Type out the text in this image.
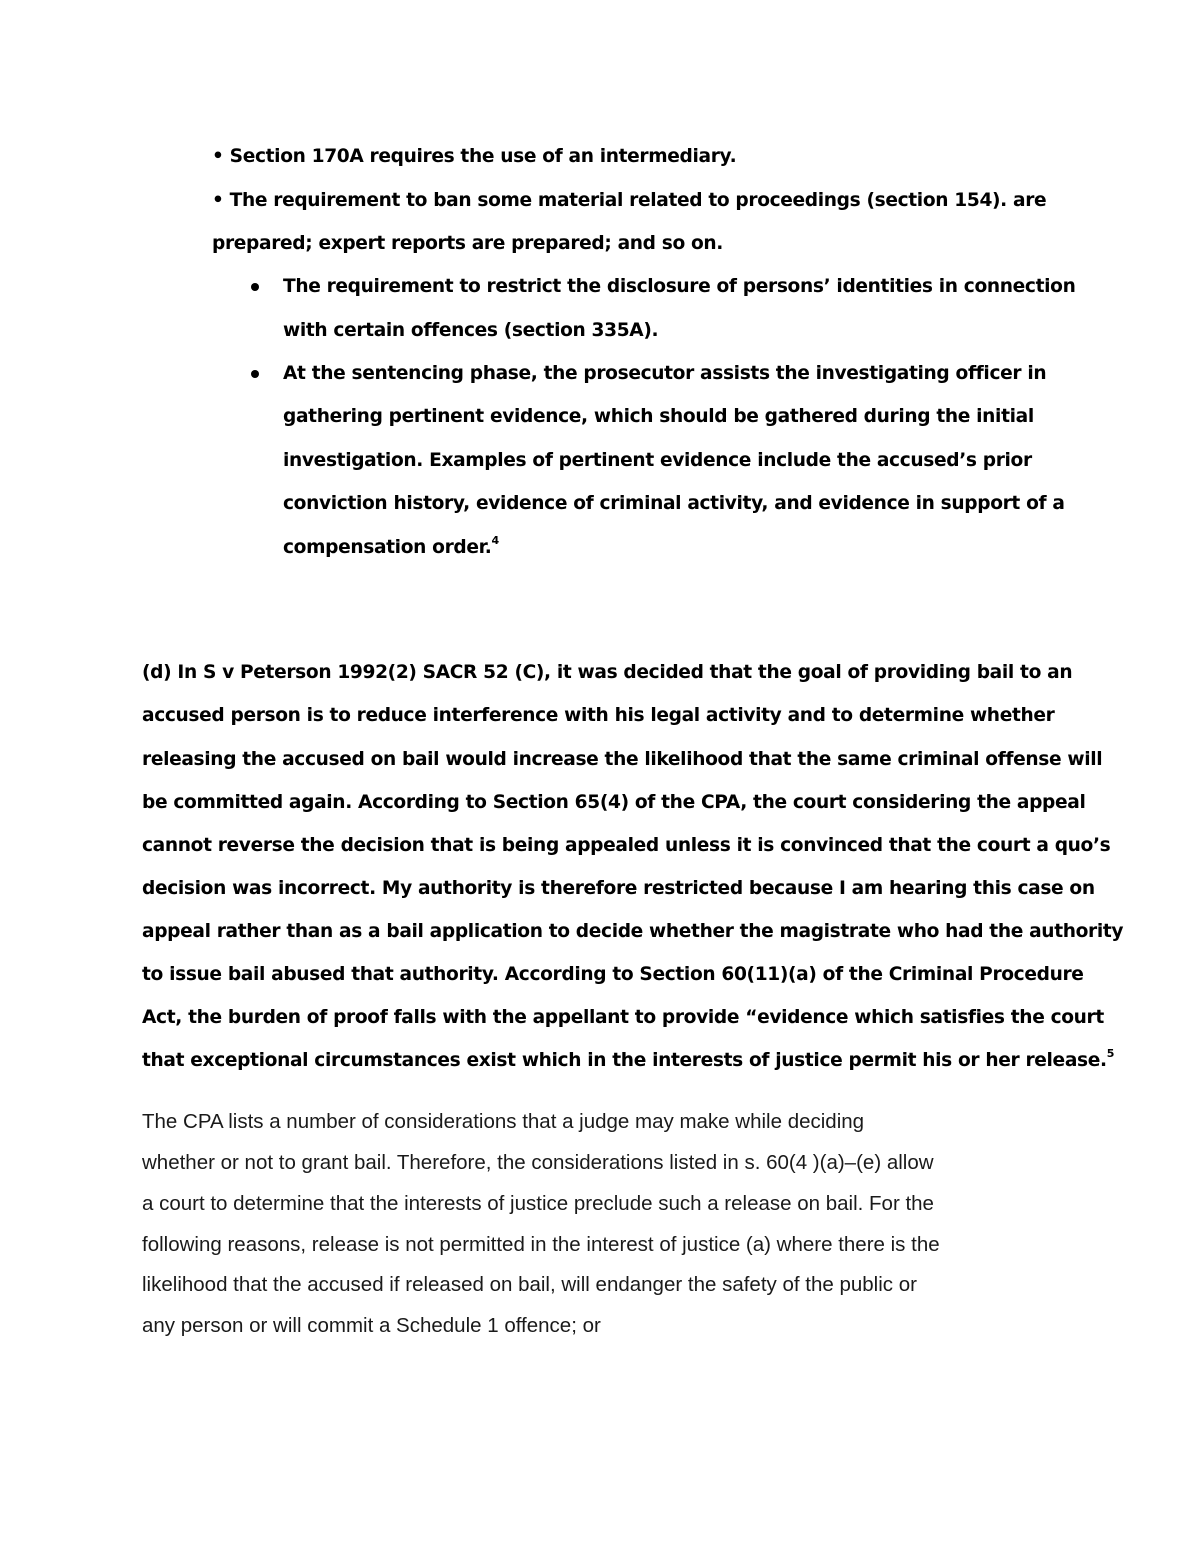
• Section 170A requires the use of an intermediary.
• The requirement to ban some material related to proceedings (section 154). are
prepared; expert reports are prepared; and so on.
The requirement to restrict the disclosure of persons’ identities in connection
with certain offences (section 335A).
At the sentencing phase, the prosecutor assists the investigating officer in
gathering pertinent evidence, which should be gathered during the initial
investigation. Examples of pertinent evidence include the accused’s prior
conviction history, evidence of criminal activity, and evidence in support of a
compensation order.$^4$
(d) In S v Peterson 1992(2) SACR 52 (C), it was decided that the goal of providing bail to an
accused person is to reduce interference with his legal activity and to determine whether
releasing the accused on bail would increase the likelihood that the same criminal offense will
be committed again. According to Section 65(4) of the CPA, the court considering the appeal
cannot reverse the decision that is being appealed unless it is convinced that the court a quo’s
decision was incorrect. My authority is therefore restricted because I am hearing this case on
appeal rather than as a bail application to decide whether the magistrate who had the authority
to issue bail abused that authority. According to Section 60(11)(a) of the Criminal Procedure
Act, the burden of proof falls with the appellant to provide “evidence which satisfies the court
that exceptional circumstances exist which in the interests of justice permit his or her release.$^5$
The CPA lists a number of considerations that a judge may make while deciding
whether or not to grant bail. Therefore, the considerations listed in s. 60(4 )(a)–(e) allow
a court to determine that the interests of justice preclude such a release on bail. For the
following reasons, release is not permitted in the interest of justice (a) where there is the
likelihood that the accused if released on bail, will endanger the safety of the public or
any person or will commit a Schedule 1 offence; or
